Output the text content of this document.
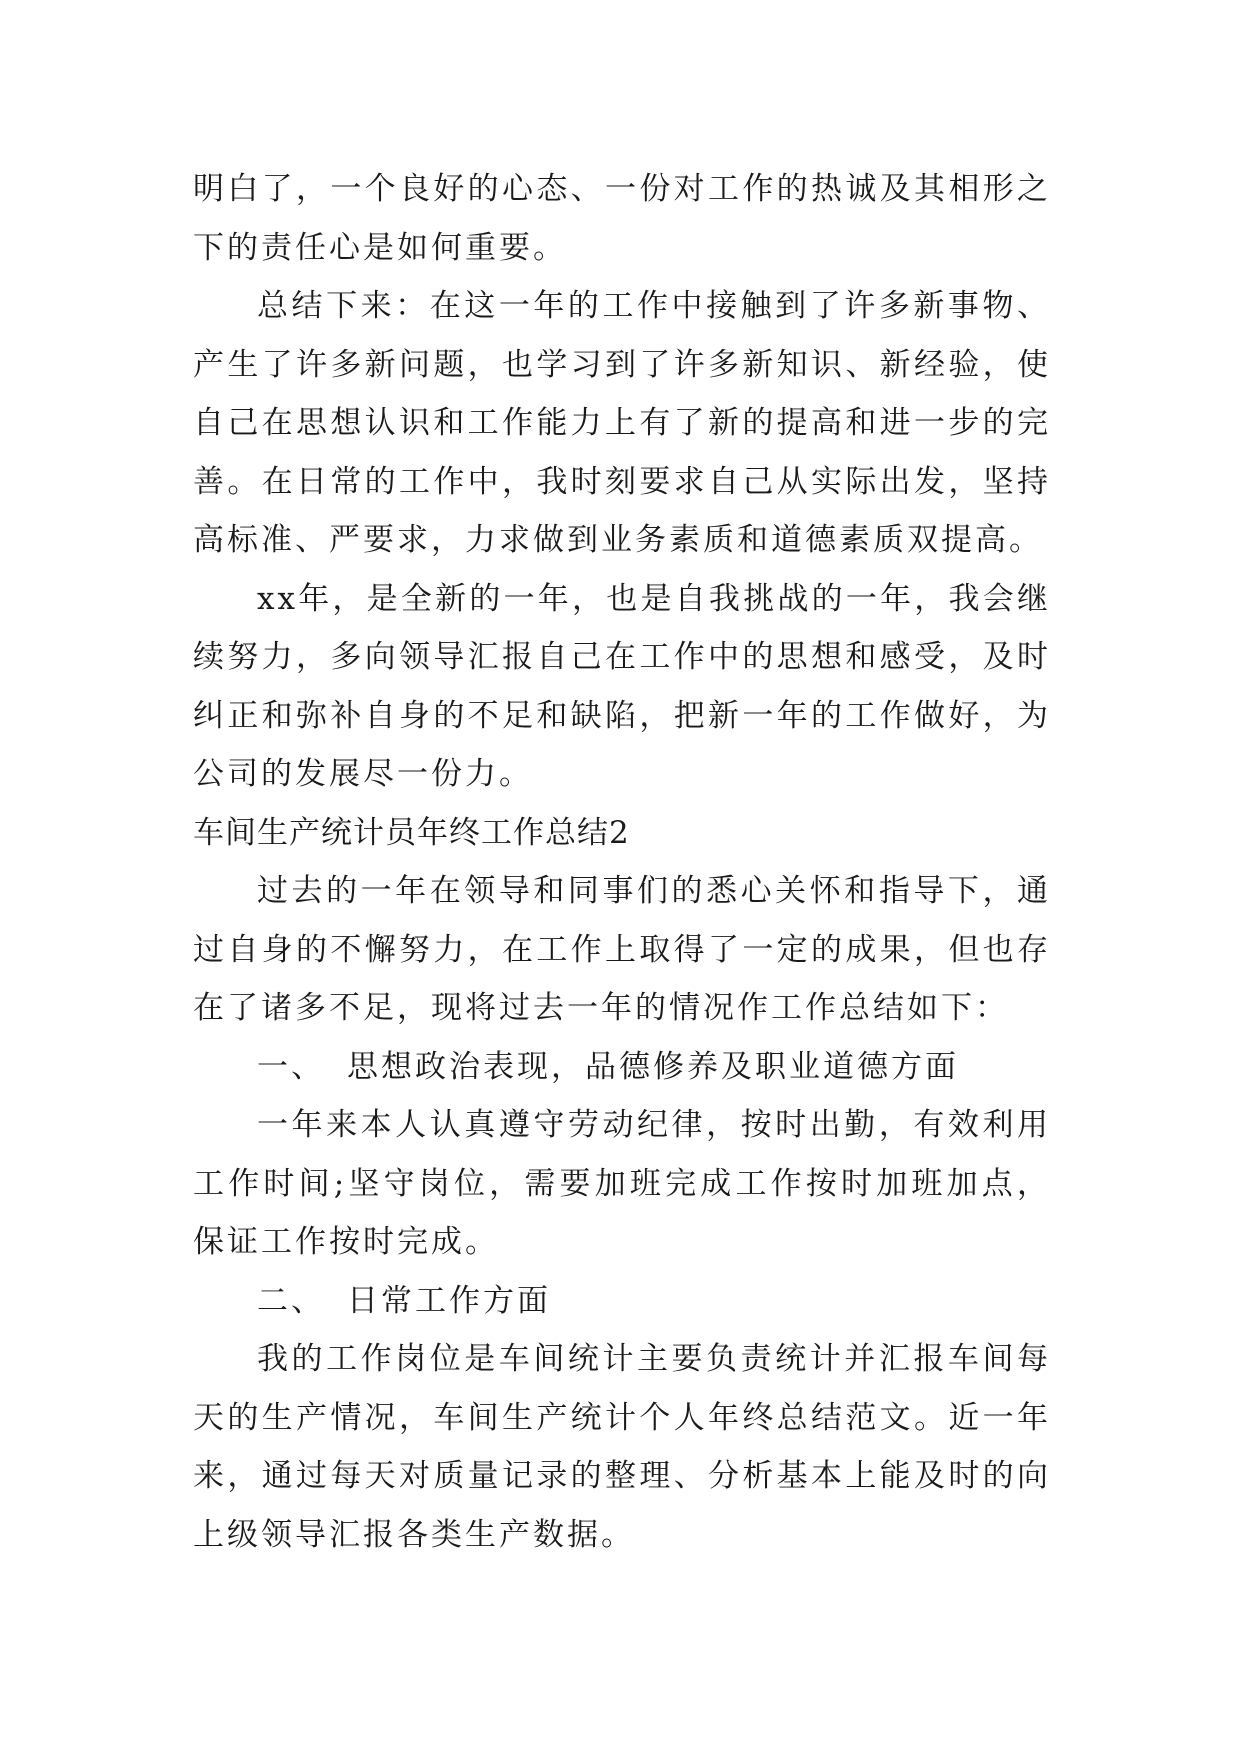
明白了，一个良好的心态、一份对工作的热诚及其相形之下的责任心是如何重要。

总结下来：在这一年的工作中接触到了许多新事物、产生了许多新问题，也学习到了许多新知识、新经验，使自己在思想认识和工作能力上有了新的提高和进一步的完善。在日常的工作中，我时刻要求自己从实际出发，坚持高标准、严要求，力求做到业务素质和道德素质双提高。

xx年，是全新的一年，也是自我挑战的一年，我会继续努力，多向领导汇报自己在工作中的思想和感受，及时纠正和弥补自身的不足和缺陷，把新一年的工作做好，为公司的发展尽一份力。

车间生产统计员年终工作总结2

过去的一年在领导和同事们的悉心关怀和指导下，通过自身的不懈努力，在工作上取得了一定的成果，但也存在了诸多不足，现将过去一年的情况作工作总结如下：

一、 思想政治表现，品德修养及职业道德方面

一年来本人认真遵守劳动纪律，按时出勤，有效利用工作时间;坚守岗位，需要加班完成工作按时加班加点，保证工作按时完成。

二、 日常工作方面

我的工作岗位是车间统计主要负责统计并汇报车间每天的生产情况，车间生产统计个人年终总结范文。近一年来，通过每天对质量记录的整理、分析基本上能及时的向上级领导汇报各类生产数据。
